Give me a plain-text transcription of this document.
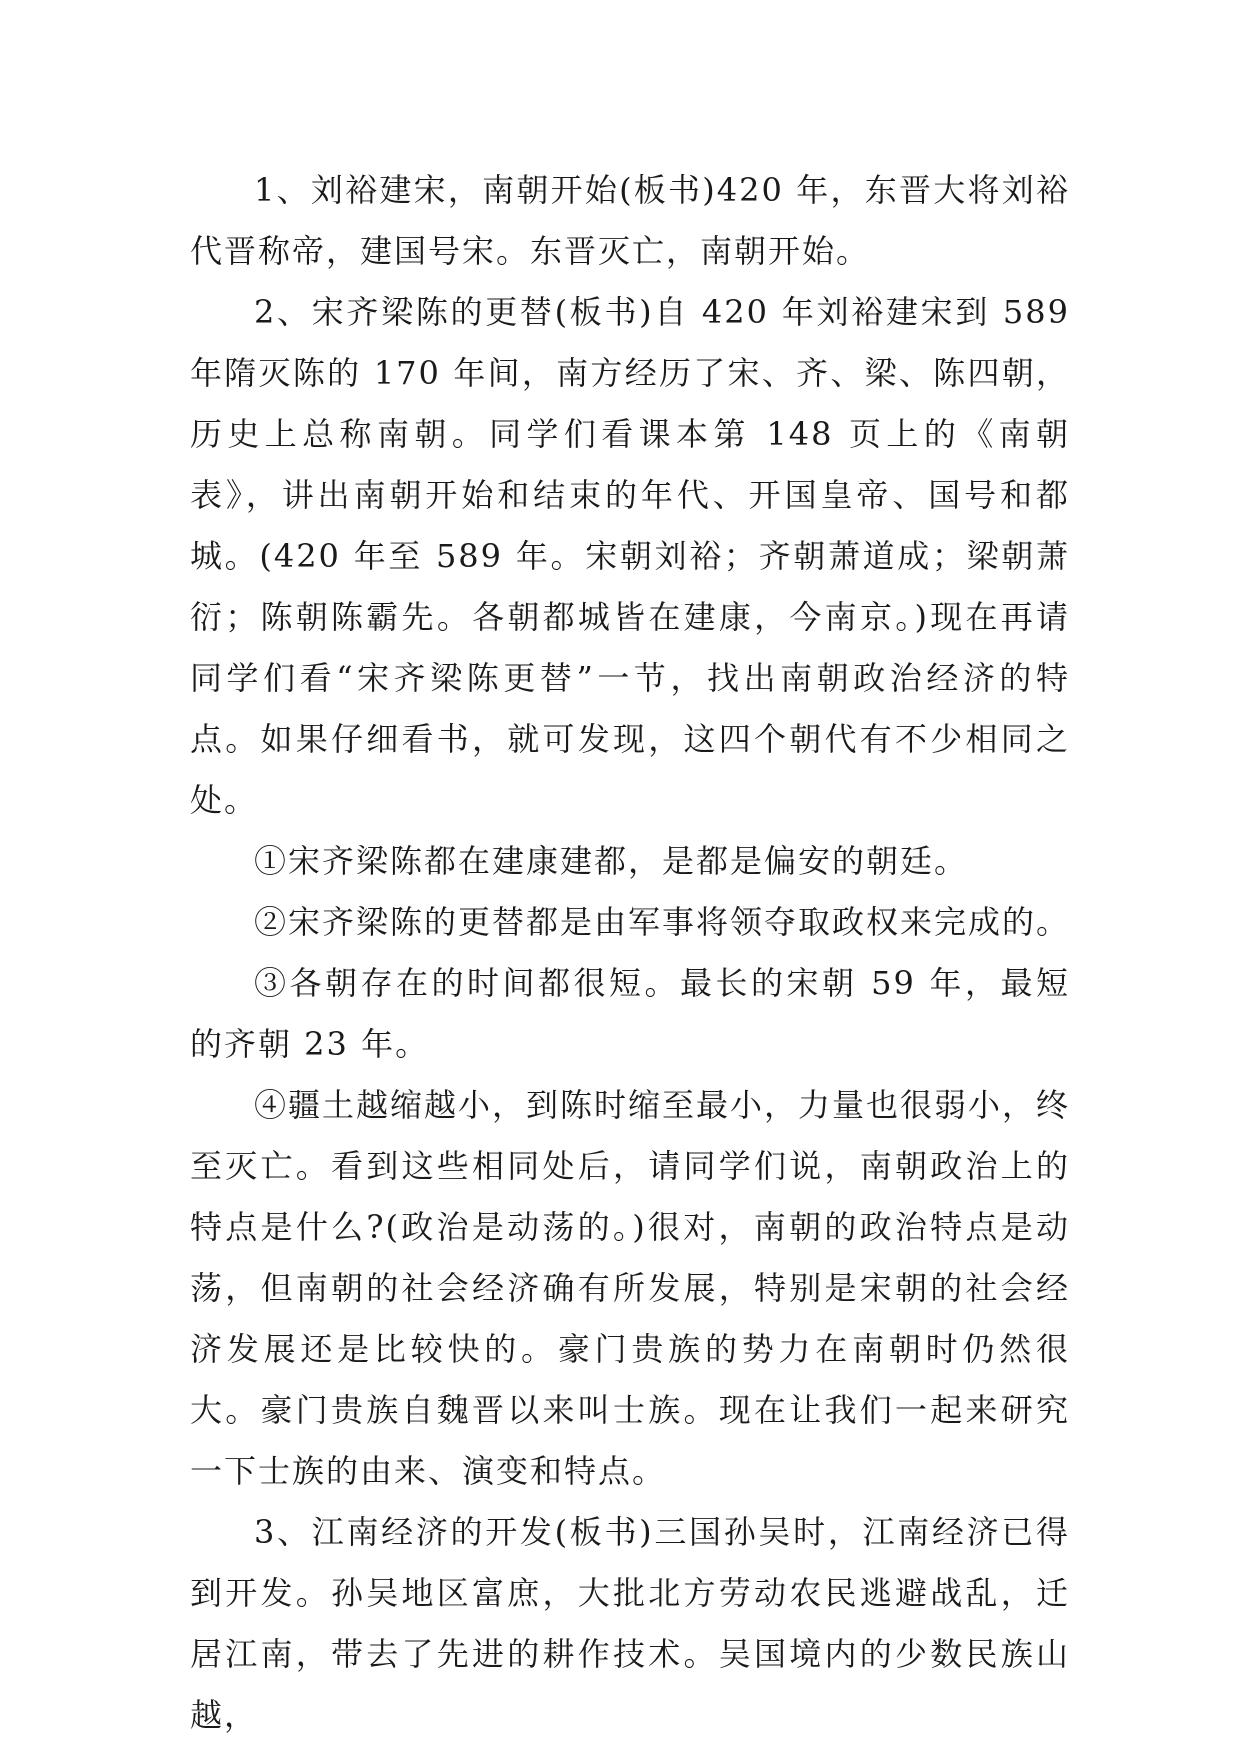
1、刘裕建宋，南朝开始(板书)420 年，东晋大将刘裕代晋称帝，建国号宋。东晋灭亡，南朝开始。

2、宋齐梁陈的更替(板书)自 420 年刘裕建宋到 589 年隋灭陈的 170 年间，南方经历了宋、齐、梁、陈四朝，历史上总称南朝。同学们看课本第 148 页上的《南朝表》，讲出南朝开始和结束的年代、开国皇帝、国号和都城。(420 年至 589 年。宋朝刘裕；齐朝萧道成；梁朝萧衍；陈朝陈霸先。各朝都城皆在建康，今南京。)现在再请同学们看“宋齐梁陈更替”一节，找出南朝政治经济的特点。如果仔细看书，就可发现，这四个朝代有不少相同之处。

①宋齐梁陈都在建康建都，是都是偏安的朝廷。

②宋齐梁陈的更替都是由军事将领夺取政权来完成的。

③各朝存在的时间都很短。最长的宋朝 59 年，最短的齐朝 23 年。

④疆土越缩越小，到陈时缩至最小，力量也很弱小，终至灭亡。看到这些相同处后，请同学们说，南朝政治上的特点是什么?(政治是动荡的。)很对，南朝的政治特点是动荡，但南朝的社会经济确有所发展，特别是宋朝的社会经济发展还是比较快的。豪门贵族的势力在南朝时仍然很大。豪门贵族自魏晋以来叫士族。现在让我们一起来研究一下士族的由来、演变和特点。

3、江南经济的开发(板书)三国孙吴时，江南经济已得到开发。孙吴地区富庶，大批北方劳动农民逃避战乱，迁居江南，带去了先进的耕作技术。吴国境内的少数民族山越，
